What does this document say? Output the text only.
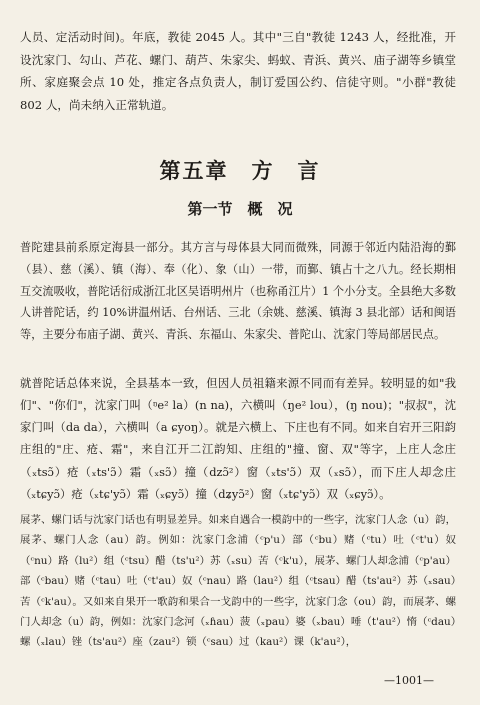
人员、定活动时间)。年底，教徒 2045 人。其中"三自"教徒 1243 人，经批准，开设沈家门、勾山、芦花、螺门、葫芦、朱家尖、蚂蚁、青浜、黄兴、庙子湖等乡镇堂所、家庭聚会点 10 处，推定各点负责人，制订爱国公约、信徒守则。"小群"教徒 802 人，尚未纳入正常轨道。

第五章　方　言
第一节　概　况

普陀建县前系原定海县一部分。其方言与母体县大同而微殊，同源于邻近内陆沿海的鄞（县）、慈（溪）、镇（海）、奉（化）、象（山）一带，而鄞、镇占十之八九。经长期相互交流吸收，普陀话衍成浙江北区吴语明州片（也称甬江片）1 个小分支。全县绝大多数人讲普陀话，约 10%讲温州话、台州话、三北（余姚、慈溪、镇海 3 县北部）话和闽语等，主要分布庙子湖、黄兴、青浜、东福山、朱家尖、普陀山、沈家门等局部居民点。

就普陀话总体来说，全县基本一致，但因人员祖籍来源不同而有差异。较明显的如"我们"、"你们"，沈家门叫（ᵑe² la）(n na)，六横叫（ŋe² lou），(ŋ nou)；"叔叔"，沈家门叫（da da），六横叫（a ɕyoŋ）。就是六横上、下庄也有不同。如来自宕开三阳韵庄组的"庄、疮、霜"，来自江开二江韵知、庄组的"撞、窗、双"等字，上庄人念庄（ₓtsɔ̃）疮（ₓts'ɔ̃）霜（ₓsɔ̃）撞（dzɔ̃²）窗（ₓts'ɔ̃）双（ₓsɔ̃），而下庄人却念庄（ₓtɕyɔ̃）疮（ₓtɕ'yɔ̃）霜（ₓɕyɔ̃）撞（dʑyɔ̃²）窗（ₓtɕ'yɔ̃）双（ₓɕyɔ̃）。

展茅、螺门话与沈家门话也有明显差异。如来自遇合一模韵中的一些字，沈家门人念（u）韵，展茅、螺门人念（au）韵。例如：沈家门念浦（ᶜp'u）部（ᶜbu）赌（ᶜtu）吐（ᶜt'u）奴（ᶜnu）路（lu²）组（ᶜtsu）醋（ts'u²）苏（ₓsu）苦（ᶜk'u），展茅、螺门人却念浦（ᶜp'au）部（ᶜbau）赌（ᶜtau）吐（ᶜt'au）奴（ᶜnau）路（lau²）组（ᶜtsau）醋（ts'au²）苏（ₓsau）苦（ᶜk'au）。又如来自果开一歌韵和果合一戈韵中的一些字，沈家门念（ou）韵，而展茅、螺门人却念（u）韵，例如：沈家门念河（ₓɦau）菠（ₓpau）婆（ₓbau）唾（t'au²）惰（ᶜdau）螺（ₓlau）锉（ts'au²）座（zau²）锁（ᶜsau）过（kau²）课（k'au²），

—1001—
